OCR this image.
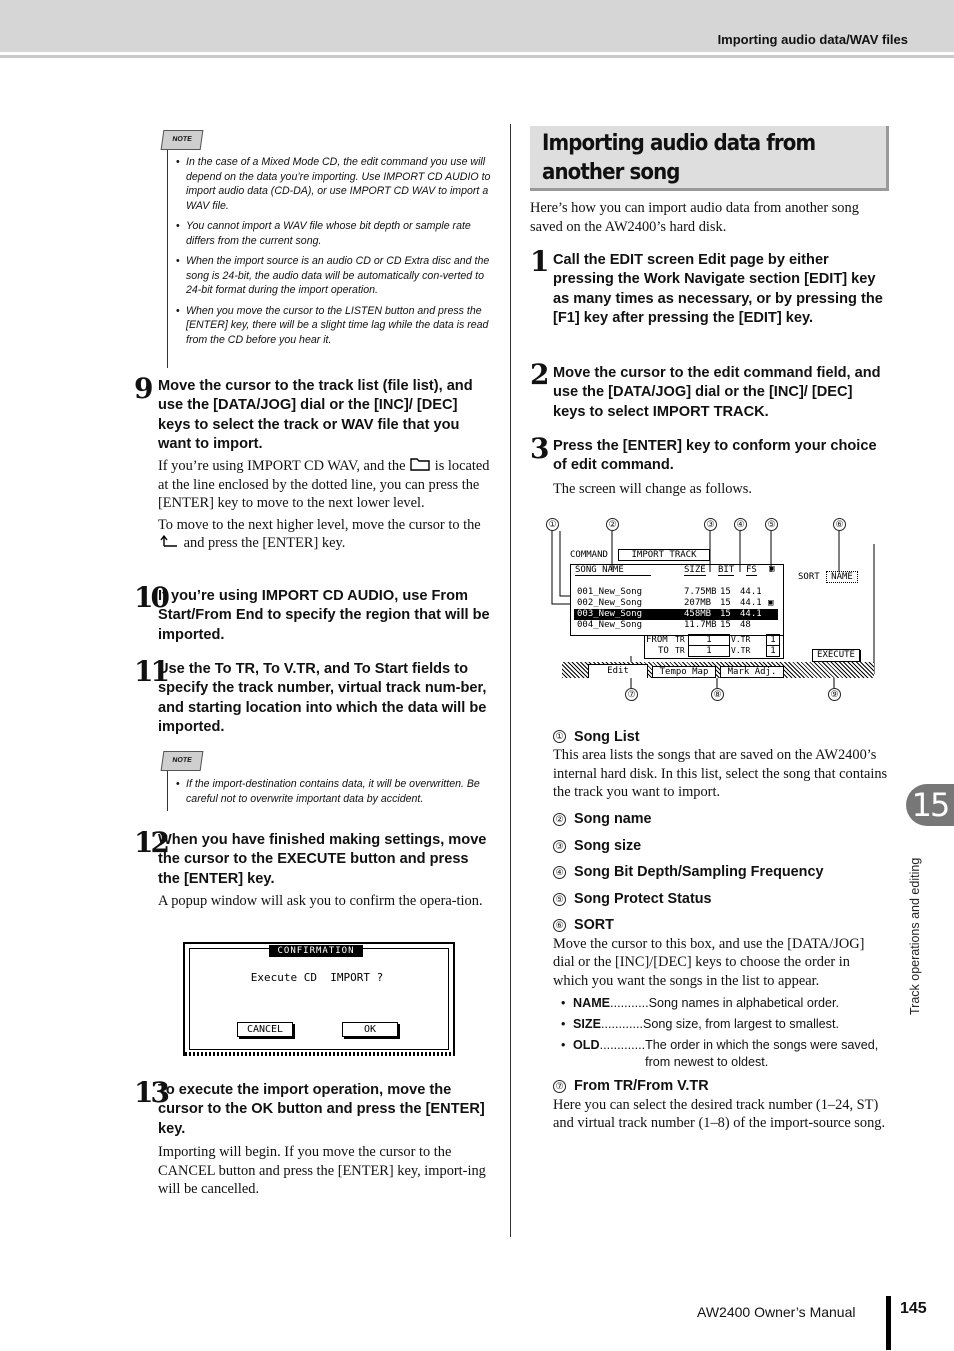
Importing audio data/WAV files
NOTE
• In the case of a Mixed Mode CD, the edit command you use will depend on the data you’re importing. Use IMPORT CD AUDIO to import audio data (CD-DA), or use IMPORT CD WAV to import a WAV file.
• You cannot import a WAV file whose bit depth or sample rate differs from the current song.
• When the import source is an audio CD or CD Extra disc and the song is 24-bit, the audio data will be automatically con-verted to 24-bit format during the import operation.
• When you move the cursor to the LISTEN button and press the [ENTER] key, there will be a slight time lag while the data is read from the CD before you hear it.
9 Move the cursor to the track list (file list), and use the [DATA/JOG] dial or the [INC]/ [DEC] keys to select the track or WAV file that you want to import.

If you’re using IMPORT CD WAV, and the is located at the line enclosed by the dotted line, you can press the [ENTER] key to move to the next lower level.

To move to the next higher level, move the cursor to the  and press the [ENTER] key.

10
If you’re using IMPORT CD AUDIO, use From Start/From End to specify the region that will be imported.
11
Use the To TR, To V.TR, and To Start fields to specify the track number, virtual track num-ber, and starting location into which the data will be imported.
NOTE
• If the import-destination contains data, it will be overwritten. Be careful not to overwrite important data by accident.
12
When you have finished making settings, move the cursor to the EXECUTE button and press the [ENTER] key.
A popup window will ask you to confirm the opera-tion.
CONFIRMATION
Execute CD  IMPORT ?
CANCEL	OK
13
To execute the import operation, move the cursor to the OK button and press the [ENTER] key.
Importing will begin. If you move the cursor to the CANCEL button and press the [ENTER] key, import-ing will be cancelled.
Importing audio data from
another song
Here’s how you can import audio data from another song saved on the AW2400’s hard disk.
1 Call the EDIT screen Edit page by either pressing the Work Navigate section [EDIT] key as many times as necessary, or by pressing the [F1] key after pressing the [EDIT] key.
2 Move the cursor to the edit command field, and use the [DATA/JOG] dial or the [INC]/ [DEC] keys to select IMPORT TRACK.
3 Press the [ENTER] key to conform your choice of edit command.
The screen will change as follows.
①	②	③ ④	⑤	⑥
⑦	⑧	⑨
COMMAND	IMPORT TRACK
SONG NAME	SIZE BIT FS ▣
SORT	NAME
001_New_Song	7.75MB 15 44.1
002_New_Song	207MB 15 44.1 ▣
003_New_Song	458MB 15 44.1
004_New_Song	11.7MB 15 48
FROM TR	1	V.TR	1
TO TR	1	V.TR	1	EXECUTE
Edit	Tempo Map	Mark Adj.
① Song List
This area lists the songs that are saved on the AW2400’s internal hard disk. In this list, select the song that contains the track you want to import.
② Song name
③ Song size
④ Song Bit Depth/Sampling Frequency
⑤ Song Protect Status
⑥ SORT
Move the cursor to this box, and use the [DATA/JOG] dial or the [INC]/[DEC] keys to choose the order in which you want the songs in the list to appear.
• NAME ........... Song names in alphabetical order.
• SIZE ............ Song size, from largest to smallest.
• OLD ............. The order in which the songs were saved, from newest to oldest.
⑦ From TR/From V.TR
Here you can select the desired track number (1–24, ST) and virtual track number (1–8) of the import-source song.
15
Track operations and editing
AW2400 Owner’s Manual	145
